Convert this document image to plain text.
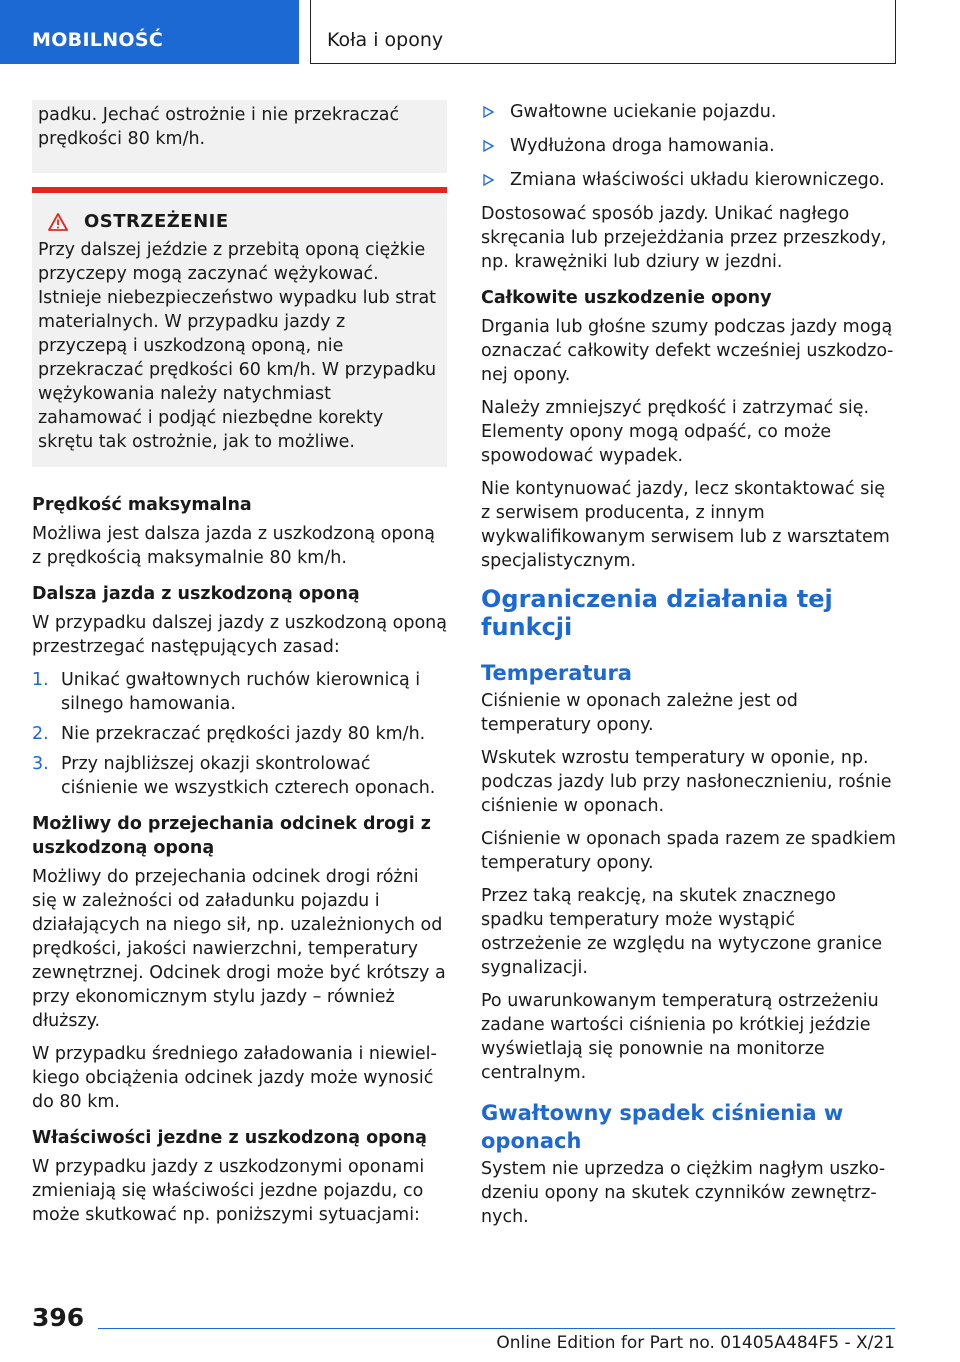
MOBILNOŚĆ	Koła i opony

padku. Jechać ostrożnie i nie przekraczać prędkości 80 km/h.

OSTRZEŻENIE

Przy dalszej jeździe z przebitą oponą ciężkie przyczepy mogą zaczynać wężykować. Istnieje niebezpieczeństwo wypadku lub strat materialnych. W przypadku jazdy z przyczepą i uszkodzoną oponą, nie przekraczać prędkości 60 km/h. W przypadku wężykowania należy natychmiast zahamować i podjąć niezbędne korekty skrętu tak ostrożnie, jak to możliwe.

Prędkość maksymalna

Możliwa jest dalsza jazda z uszkodzoną oponą z prędkością maksymalnie 80 km/h.

Dalsza jazda z uszkodzoną oponą

W przypadku dalszej jazdy z uszkodzoną oponą przestrzegać następujących zasad:

1. Unikać gwałtownych ruchów kierownicą i silnego hamowania.
2. Nie przekraczać prędkości jazdy 80 km/h.
3. Przy najbliższej okazji skontrolować ciśnienie we wszystkich czterech oponach.
Możliwy do przejechania odcinek drogi z uszkodzoną oponą

Możliwy do przejechania odcinek drogi różni się w zależności od załadunku pojazdu i działających na niego sił, np. uzależnionych od prędkości, jakości nawierzchni, temperatury zewnętrznej. Odcinek drogi może być krótszy a przy ekonomicznym stylu jazdy – również dłuższy.

W przypadku średniego załadowania i niewielkiego obciążenia odcinek jazdy może wynosić do 80 km.

Właściwości jezdne z uszkodzoną oponą

W przypadku jazdy z uszkodzonymi oponami zmieniają się właściwości jezdne pojazdu, co może skutkować np. poniższymi sytuacjami:

Gwałtowne uciekanie pojazdu.
Wydłużona droga hamowania.
Zmiana właściwości układu kierowniczego.

Dostosować sposób jazdy. Unikać nagłego skręcania lub przejeżdżania przez przeszkody, np. krawężniki lub dziury w jezdni.

Całkowite uszkodzenie opony

Drgania lub głośne szumy podczas jazdy mogą oznaczać całkowity defekt wcześniej uszkodzonej opony.

Należy zmniejszyć prędkość i zatrzymać się. Elementy opony mogą odpaść, co może spowodować wypadek.

Nie kontynuować jazdy, lecz skontaktować się z serwisem producenta, z innym wykwalifikowanym serwisem lub z warsztatem specjalistycznym.

Ograniczenia działania tej funkcji
Temperatura

Ciśnienie w oponach zależne jest od temperatury opony.

Wskutek wzrostu temperatury w oponie, np. podczas jazdy lub przy nasłonecznieniu, rośnie ciśnienie w oponach.

Ciśnienie w oponach spada razem ze spadkiem temperatury opony.

Przez taką reakcję, na skutek znacznego spadku temperatury może wystąpić ostrzeżenie ze względu na wytyczone granice sygnalizacji.

Po uwarunkowanym temperaturą ostrzeżeniu zadane wartości ciśnienia po krótkiej jeździe wyświetlają się ponownie na monitorze centralnym.

Gwałtowny spadek ciśnienia w oponach

System nie uprzedza o ciężkim nagłym uszkodzeniu opony na skutek czynników zewnętrznych.

396
Online Edition for Part no. 01405A484F5 - X/21
